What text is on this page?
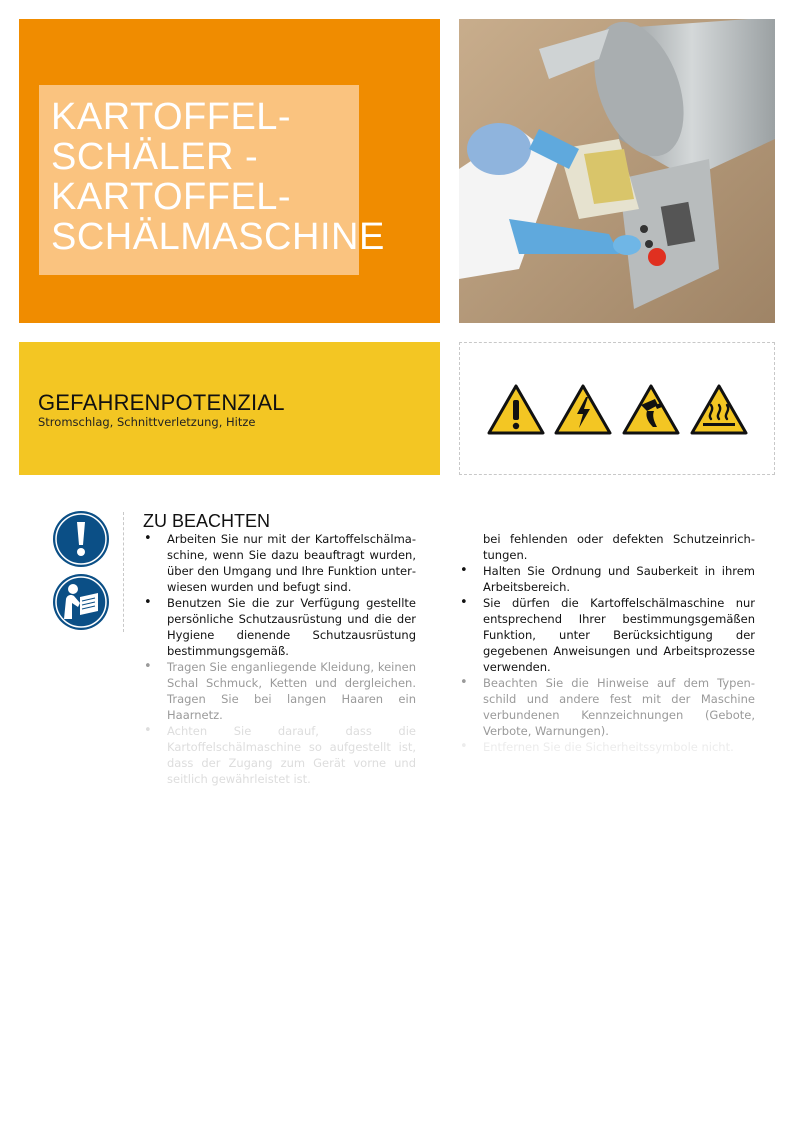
KARTOFFEL-
SCHÄLER -
KARTOFFEL-
SCHÄLMASCHINE
GEFAHRENPOTENZIAL
Stromschlag, Schnittverletzung, Hitze
ZU BEACHTEN
• Arbeiten Sie nur mit der Kartoffelschälmaschine, wenn Sie dazu beauftragt wurden, über den Umgang und Ihre Funktion unterwiesen wurden und befugt sind.
• Benutzen Sie die zur Verfügung gestellte persönliche Schutzausrüstung und die der Hygiene dienende Schutzausrüstung bestimmungsgemäß.
• Tragen Sie enganliegende Kleidung, keinen Schal Schmuck, Ketten und dergleichen. Tragen Sie bei langen Haaren ein Haarnetz.
• Achten Sie darauf, dass die Kartoffelschälmaschine so aufgestellt ist, dass der Zugang zum Gerät vorne und seitlich gewährleistet ist.
bei fehlenden oder defekten Schutzeinrichtungen.
• Halten Sie Ordnung und Sauberkeit in ihrem Arbeitsbereich.
• Sie dürfen die Kartoffelschälmaschine nur entsprechend Ihrer bestimmungsgemäßen Funktion, unter Berücksichtigung der gegebenen Anweisungen und Arbeitsprozesse verwenden.
• Beachten Sie die Hinweise auf dem Typenschild und andere fest mit der Maschine verbundenen Kennzeichnungen (Gebote, Verbote, Warnungen).
• Entfernen Sie die Sicherheitssymbole nicht.
